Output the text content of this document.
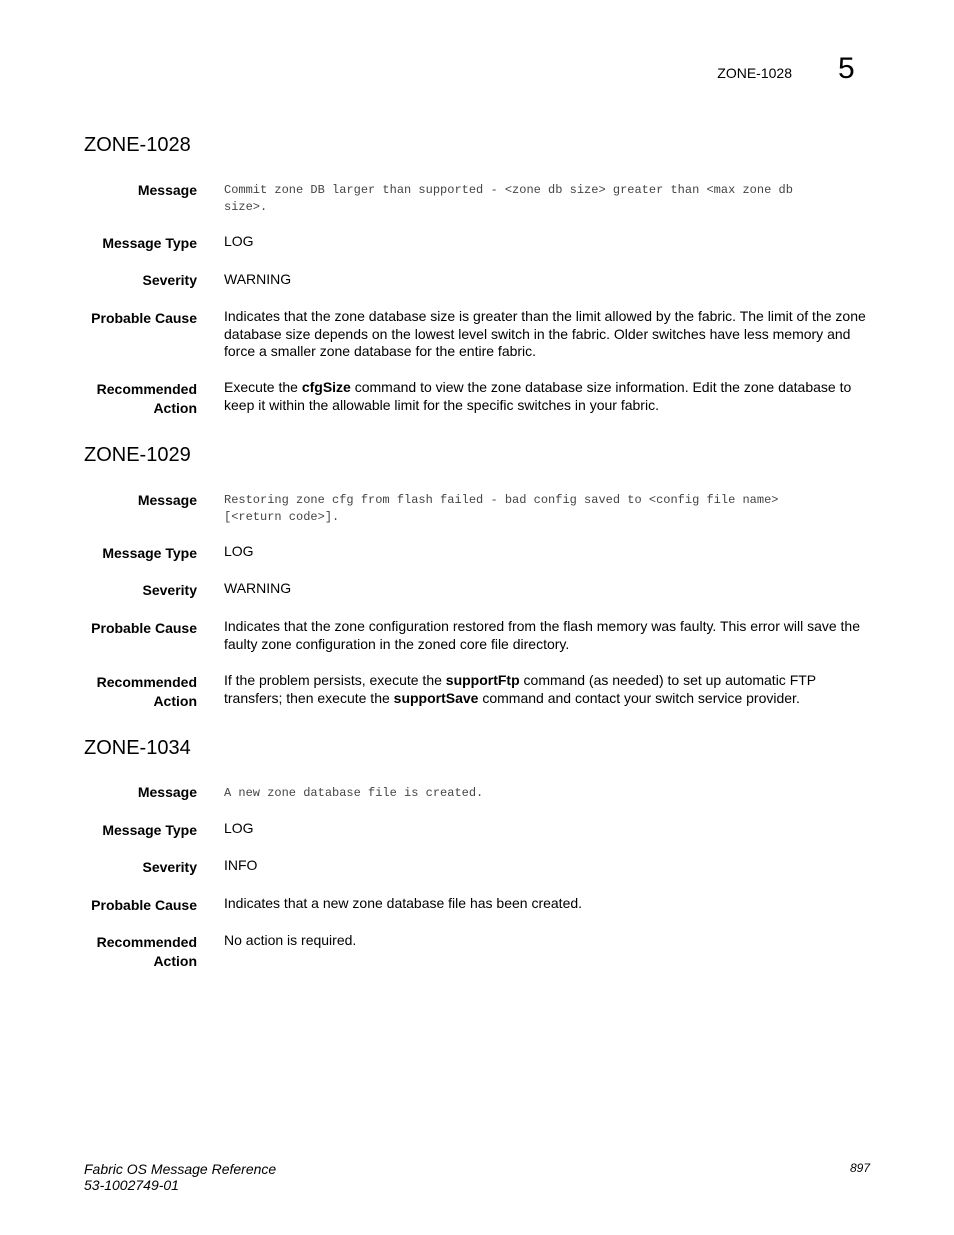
ZONE-1028 5
ZONE-1028
Message Commit zone DB larger than supported - <zone db size> greater than <max zone db
size>.
Message Type LOG
Severity WARNING
Probable Cause Indicates that the zone database size is greater than the limit allowed by the fabric. The limit of the zone database size depends on the lowest level switch in the fabric. Older switches have less memory and force a smaller zone database for the entire fabric.
Recommended
Action
Execute the cfgSize command to view the zone database size information. Edit the zone database to keep it within the allowable limit for the specific switches in your fabric.
ZONE-1029
Message Restoring zone cfg from flash failed - bad config saved to <config file name>
[<return code>].
Message Type LOG
Severity WARNING
Probable Cause Indicates that the zone configuration restored from the flash memory was faulty. This error will save the faulty zone configuration in the zoned core file directory.
Recommended
Action
If the problem persists, execute the supportFtp command (as needed) to set up automatic FTP transfers; then execute the supportSave command and contact your switch service provider.
ZONE-1034
Message A new zone database file is created.
Message Type LOG
Severity INFO
Probable Cause Indicates that a new zone database file has been created.
Recommended
Action
No action is required.
Fabric OS Message Reference
53-1002749-01
897
